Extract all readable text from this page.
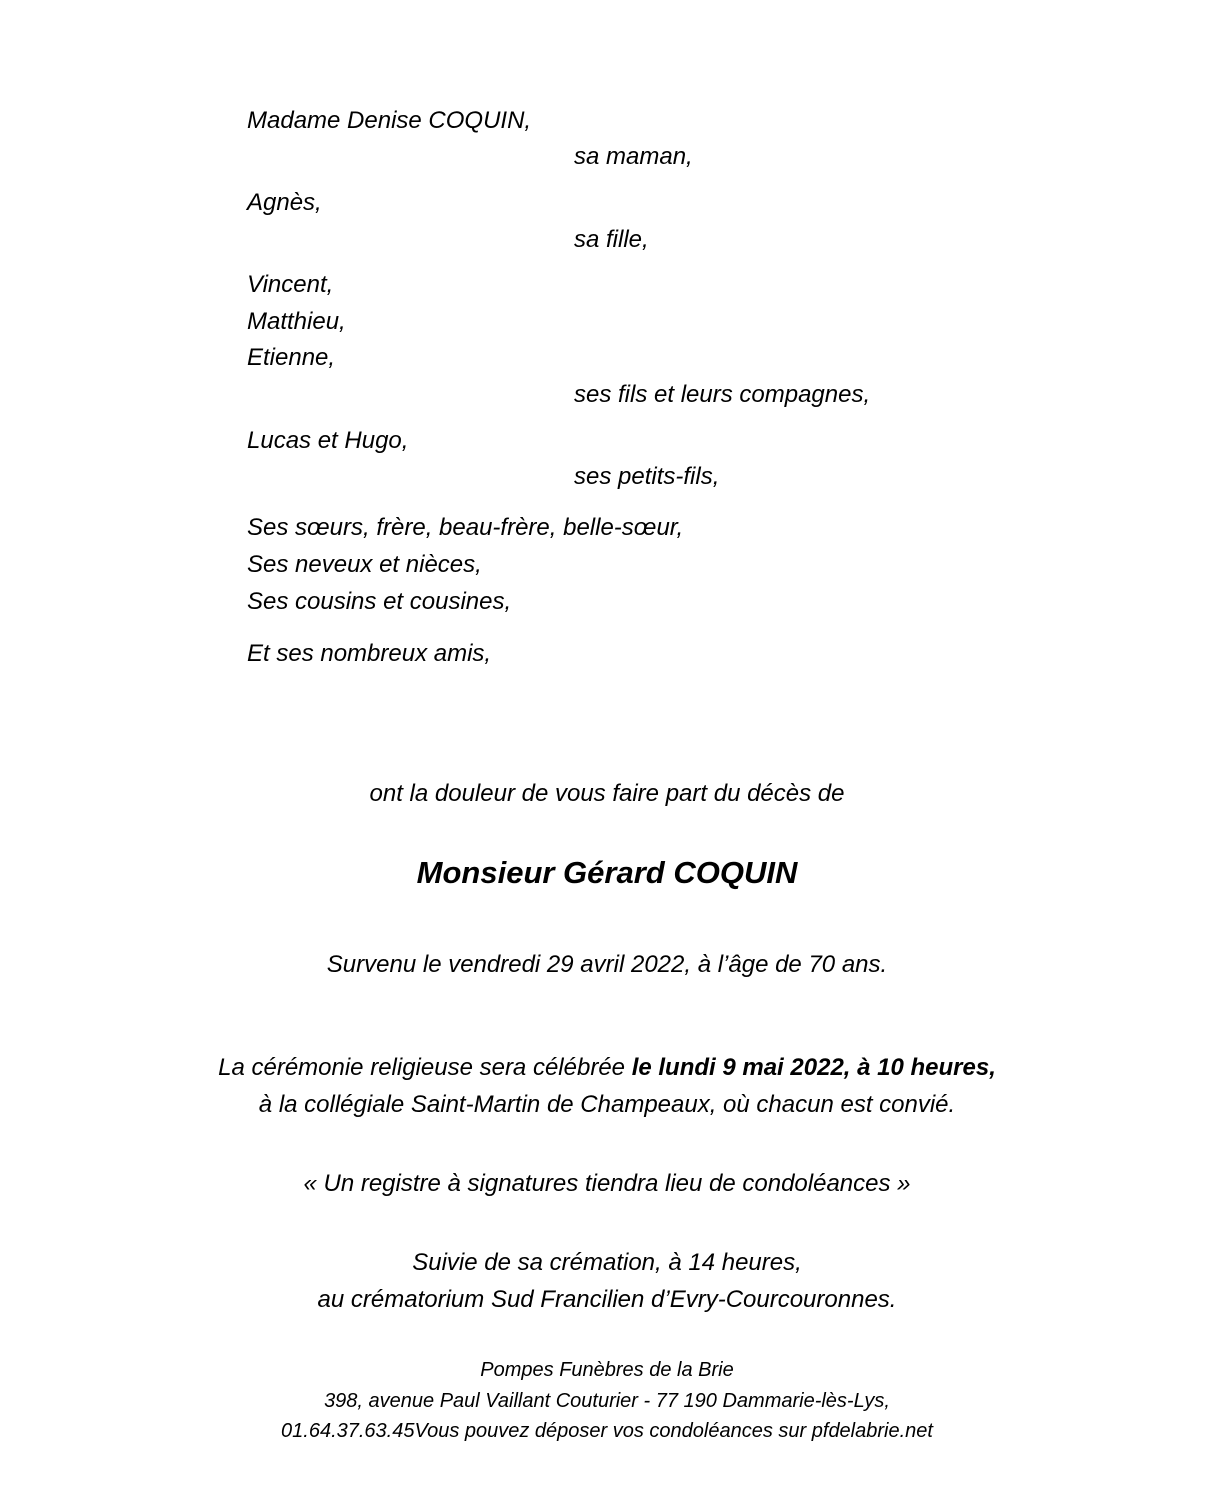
Madame Denise COQUIN,
sa maman,
Agnès,
sa fille,
Vincent,
Matthieu,
Etienne,
ses fils et leurs compagnes,
Lucas et Hugo,
ses petits-fils,
Ses sœurs, frère, beau-frère, belle-sœur,
Ses neveux et nièces,
Ses cousins et cousines,
Et ses nombreux amis,
ont la douleur de vous faire part du décès de
Monsieur Gérard COQUIN
Survenu le vendredi 29 avril 2022, à l’âge de 70 ans.
La cérémonie religieuse sera célébrée le lundi 9 mai 2022, à 10 heures,
à la collégiale Saint-Martin de Champeaux, où chacun est convié.
« Un registre à signatures tiendra lieu de condoléances »
Suivie de sa crémation, à 14 heures,
au crématorium Sud Francilien d’Evry-Courcouronnes.
Pompes Funèbres de la Brie
398, avenue Paul Vaillant Couturier - 77 190 Dammarie-lès-Lys,
01.64.37.63.45Vous pouvez déposer vos condoléances sur pfdelabrie.net
